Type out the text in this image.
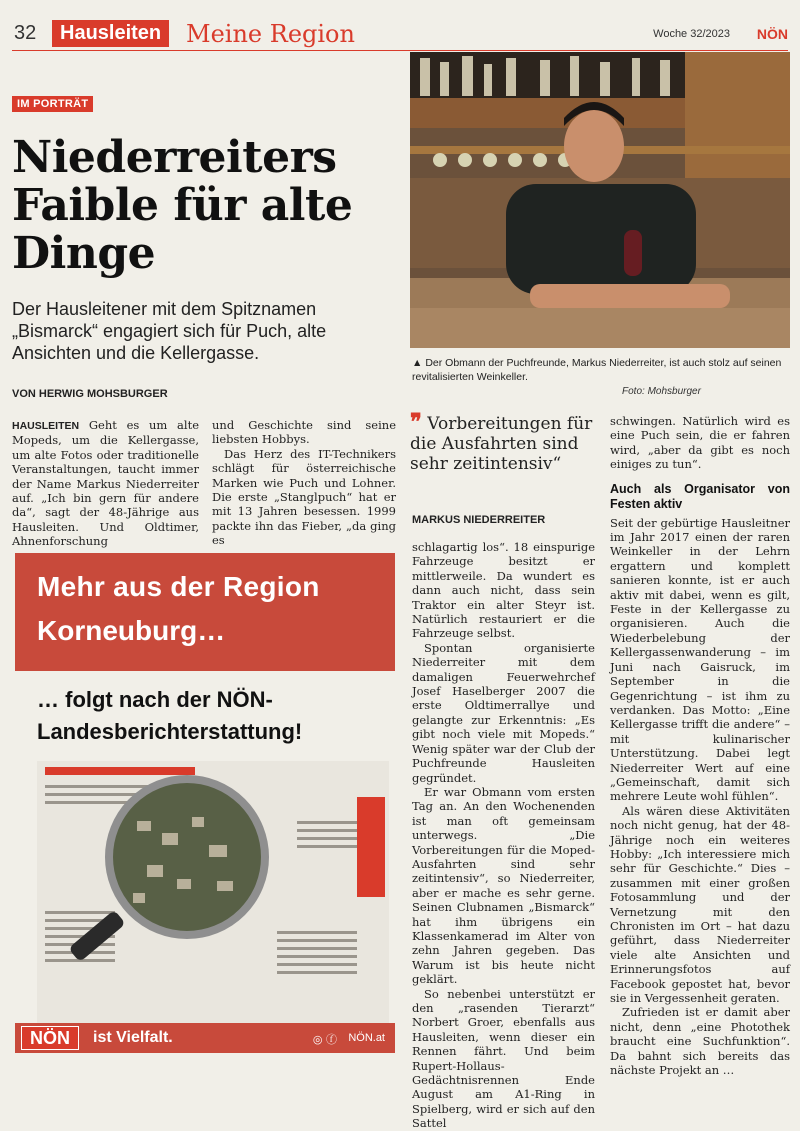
32	Hausleiten	Meine Region	Woche 32/2023 NÖN
IM PORTRÄT
Niederreiters Faible für alte Dinge
Der Hausleitener mit dem Spitznamen „Bismarck“ engagiert sich für Puch, alte Ansichten und die Kellergasse.
VON HERWIG MOHSBURGER
▲ Der Obmann der Puchfreunde, Markus Niederreiter, ist auch stolz auf seinen revitalisierten Weinkeller.
Foto: Mohsburger

HAUSLEITEN Geht es um alte Mopeds, um die Kellergasse, um alte Fotos oder traditionelle Veranstaltungen, taucht immer der Name Markus Niederreiter auf. „Ich bin gern für andere da“, sagt der 48-Jährige aus Hausleiten. Und Oldtimer, Ahnenforschung

und Geschichte sind seine liebsten Hobbys.

Das Herz des IT-Technikers schlägt für österreichische Marken wie Puch und Lohner. Die erste „Stanglpuch“ hat er mit 13 Jahren besessen. 1999 packte ihn das Fieber, „da ging es

❞ Vorbereitungen für die Ausfahrten sind sehr zeitintensiv“
MARKUS NIEDERREITER

schlagartig los“. 18 einspurige Fahrzeuge besitzt er mittlerweile. Da wundert es dann auch nicht, dass sein Traktor ein alter Steyr ist. Natürlich restauriert er die Fahrzeuge selbst.

Spontan organisierte Niederreiter mit dem damaligen Feuerwehrchef Josef Haselberger 2007 die erste Oldtimerrallye und gelangte zur Erkenntnis: „Es gibt noch viele mit Mopeds.“ Wenig später war der Club der Puchfreunde Hausleiten gegründet.

Er war Obmann vom ersten Tag an. An den Wochenenden ist man oft gemeinsam unterwegs. „Die Vorbereitungen für die Moped-Ausfahrten sind sehr zeitintensiv“, so Niederreiter, aber er mache es sehr gerne. Seinen Clubnamen „Bismarck“ hat ihm übrigens ein Klassenkamerad im Alter von zehn Jahren gegeben. Das Warum ist bis heute nicht geklärt.

So nebenbei unterstützt er den „rasenden Tierarzt“ Norbert Groer, ebenfalls aus Hausleiten, wenn dieser ein Rennen fährt. Und beim Rupert-Hollaus-Gedächtnisrennen Ende August am A1-Ring in Spielberg, wird er sich auf den Sattel

schwingen. Natürlich wird es eine Puch sein, die er fahren wird, „aber da gibt es noch einiges zu tun“.

Auch als Organisator von Festen aktiv

Seit der gebürtige Hausleitner im Jahr 2017 einen der raren Weinkeller in der Lehrn ergattern und komplett sanieren konnte, ist er auch aktiv mit dabei, wenn es gilt, Feste in der Kellergasse zu organisieren. Auch die Wiederbelebung der Kellergassenwanderung – im Juni nach Gaisruck, im September in die Gegenrichtung – ist ihm zu verdanken. Das Motto: „Eine Kellergasse trifft die andere“ – mit kulinarischer Unterstützung. Dabei legt Niederreiter Wert auf eine „Gemeinschaft, damit sich mehrere Leute wohl fühlen“.

Als wären diese Aktivitäten noch nicht genug, hat der 48-Jährige noch ein weiteres Hobby: „Ich interessiere mich sehr für Geschichte.“ Dies – zusammen mit einer großen Fotosammlung und der Vernetzung mit den Chronisten im Ort – hat dazu geführt, dass Niederreiter viele alte Ansichten und Erinnerungsfotos auf Facebook gepostet hat, bevor sie in Vergessenheit geraten.

Zufrieden ist er damit aber nicht, denn „eine Photothek braucht eine Suchfunktion“. Da bahnt sich bereits das nächste Projekt an …

Mehr aus der Region
Korneuburg…
… folgt nach der NÖN-
Landesberichterstattung!
NÖN	ist Vielfalt.	◎ ⓕ NÖN.at
